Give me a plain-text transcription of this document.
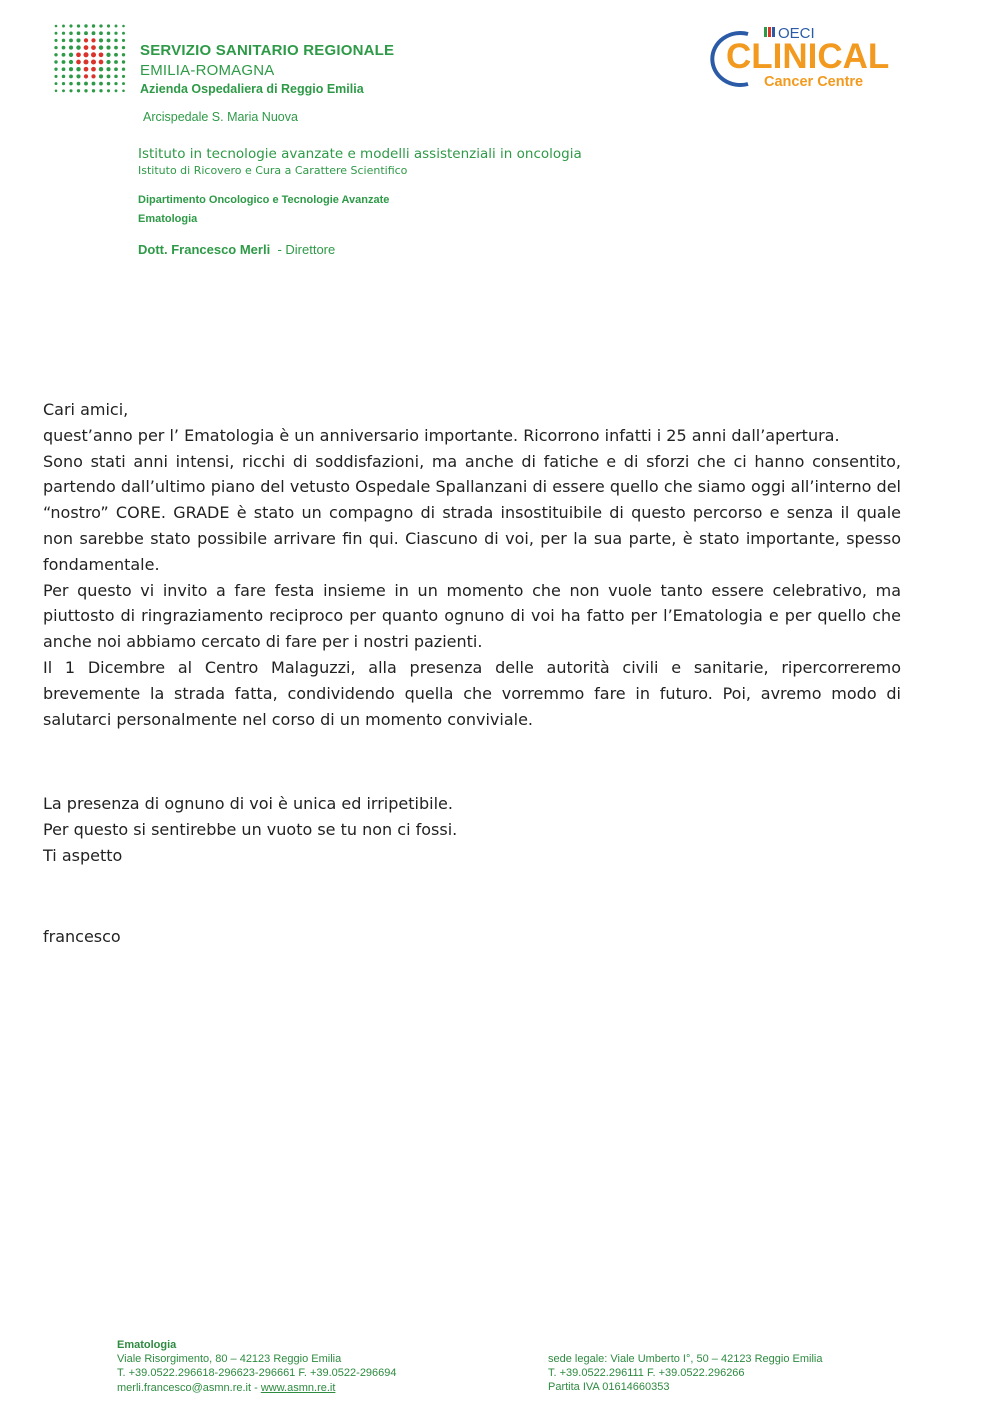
SERVIZIO SANITARIO REGIONALE
EMILIA-ROMAGNA
Azienda Ospedaliera di Reggio Emilia
Arcispedale S. Maria Nuova
Istituto in tecnologie avanzate e modelli assistenziali in oncologia
Istituto di Ricovero e Cura a Carattere Scientifico
Dipartimento Oncologico e Tecnologie Avanzate
Ematologia
Dott. Francesco Merli - Direttore
OECI
CLINICAL
Cancer Centre

Cari amici,

quest’anno per l’ Ematologia è un anniversario importante. Ricorrono infatti i 25 anni dall’apertura.

Sono stati anni intensi, ricchi di soddisfazioni, ma anche di fatiche e di sforzi che ci hanno consentito, partendo dall’ultimo piano del vetusto Ospedale Spallanzani di essere quello che siamo oggi all’interno del “nostro” CORE. GRADE è stato un compagno di strada insostituibile di questo percorso e senza il quale non sarebbe stato possibile arrivare fin qui. Ciascuno di voi, per la sua parte, è stato importante, spesso fondamentale.

Per questo vi invito a fare festa insieme in un momento che non vuole tanto essere celebrativo, ma piuttosto di ringraziamento reciproco per quanto ognuno di voi ha fatto per l’Ematologia e per quello che anche noi abbiamo cercato di fare per i nostri pazienti.

Il 1 Dicembre al Centro Malaguzzi, alla presenza delle autorità civili e sanitarie, ripercorreremo brevemente la strada fatta, condividendo quella che vorremmo fare in futuro. Poi, avremo modo di salutarci personalmente nel corso di un momento conviviale.

La presenza di ognuno di voi è unica ed irripetibile.

Per questo si sentirebbe un vuoto se tu non ci fossi.

Ti aspetto

francesco
Ematologia
Viale Risorgimento, 80 – 42123 Reggio Emilia
T. +39.0522.296618-296623-296661 F. +39.0522-296694
merli.francesco@asmn.re.it - www.asmn.re.it
sede legale: Viale Umberto I°, 50 – 42123 Reggio Emilia
T. +39.0522.296111 F. +39.0522.296266
Partita IVA 01614660353
